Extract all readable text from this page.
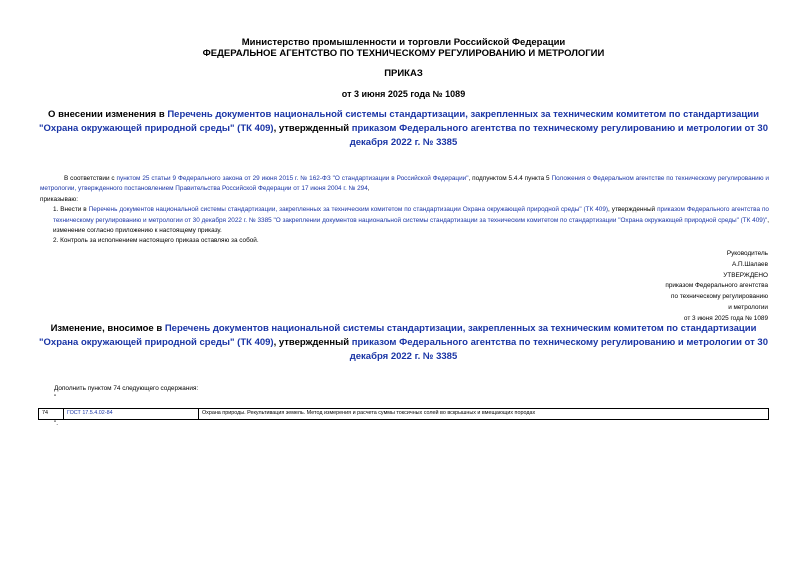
Министерство промышленности и торговли Российской Федерации
ФЕДЕРАЛЬНОЕ АГЕНТСТВО ПО ТЕХНИЧЕСКОМУ РЕГУЛИРОВАНИЮ И МЕТРОЛОГИИ
ПРИКАЗ
от 3 июня 2025 года № 1089
О внесении изменения в Перечень документов национальной системы стандартизации, закрепленных за техническим комитетом по стандартизации "Охрана окружающей природной среды" (ТК 409), утвержденный приказом Федерального агентства по техническому регулированию и метрологии от 30 декабря 2022 г. № 3385
В соответствии с пунктом 25 статьи 9 Федерального закона от 29 июня 2015 г. № 162-ФЗ "О стандартизации в Российской Федерации", подпунктом 5.4.4 пункта 5 Положения о Федеральном агентстве по техническому регулированию и метрологии, утвержденного постановлением Правительства Российской Федерации от 17 июня 2004 г. № 294,
приказываю:
1. Внести в Перечень документов национальной системы стандартизации, закрепленных за техническим комитетом по стандартизации Охрана окружающей природной среды" (ТК 409), утвержденный приказом Федерального агентства по техническому регулированию и метрологии от 30 декабря 2022 г. № 3385 "О закреплении документов национальной системы стандартизации за техническим комитетом по стандартизации "Охрана окружающей природной среды" (ТК 409)", изменение согласно приложению к настоящему приказу.
2. Контроль за исполнением настоящего приказа оставляю за собой.
Руководитель
А.П.Шалаев
УТВЕРЖДЕНО
приказом Федерального агентства
по техническому регулированию
и метрологии
от 3 июня 2025 года № 1089
Изменение, вносимое в Перечень документов национальной системы стандартизации, закрепленных за техническим комитетом по стандартизации "Охрана окружающей природной среды" (ТК 409), утвержденный приказом Федерального агентства по техническому регулированию и метрологии от 30 декабря 2022 г. № 3385
Дополнить пунктом 74 следующего содержания:
"
74	ГОСТ 17.5.4.02-84	Охрана природы. Рекультивация земель. Метод измерения и расчета суммы токсичных солей во вскрышных и вмещающих породах
".
